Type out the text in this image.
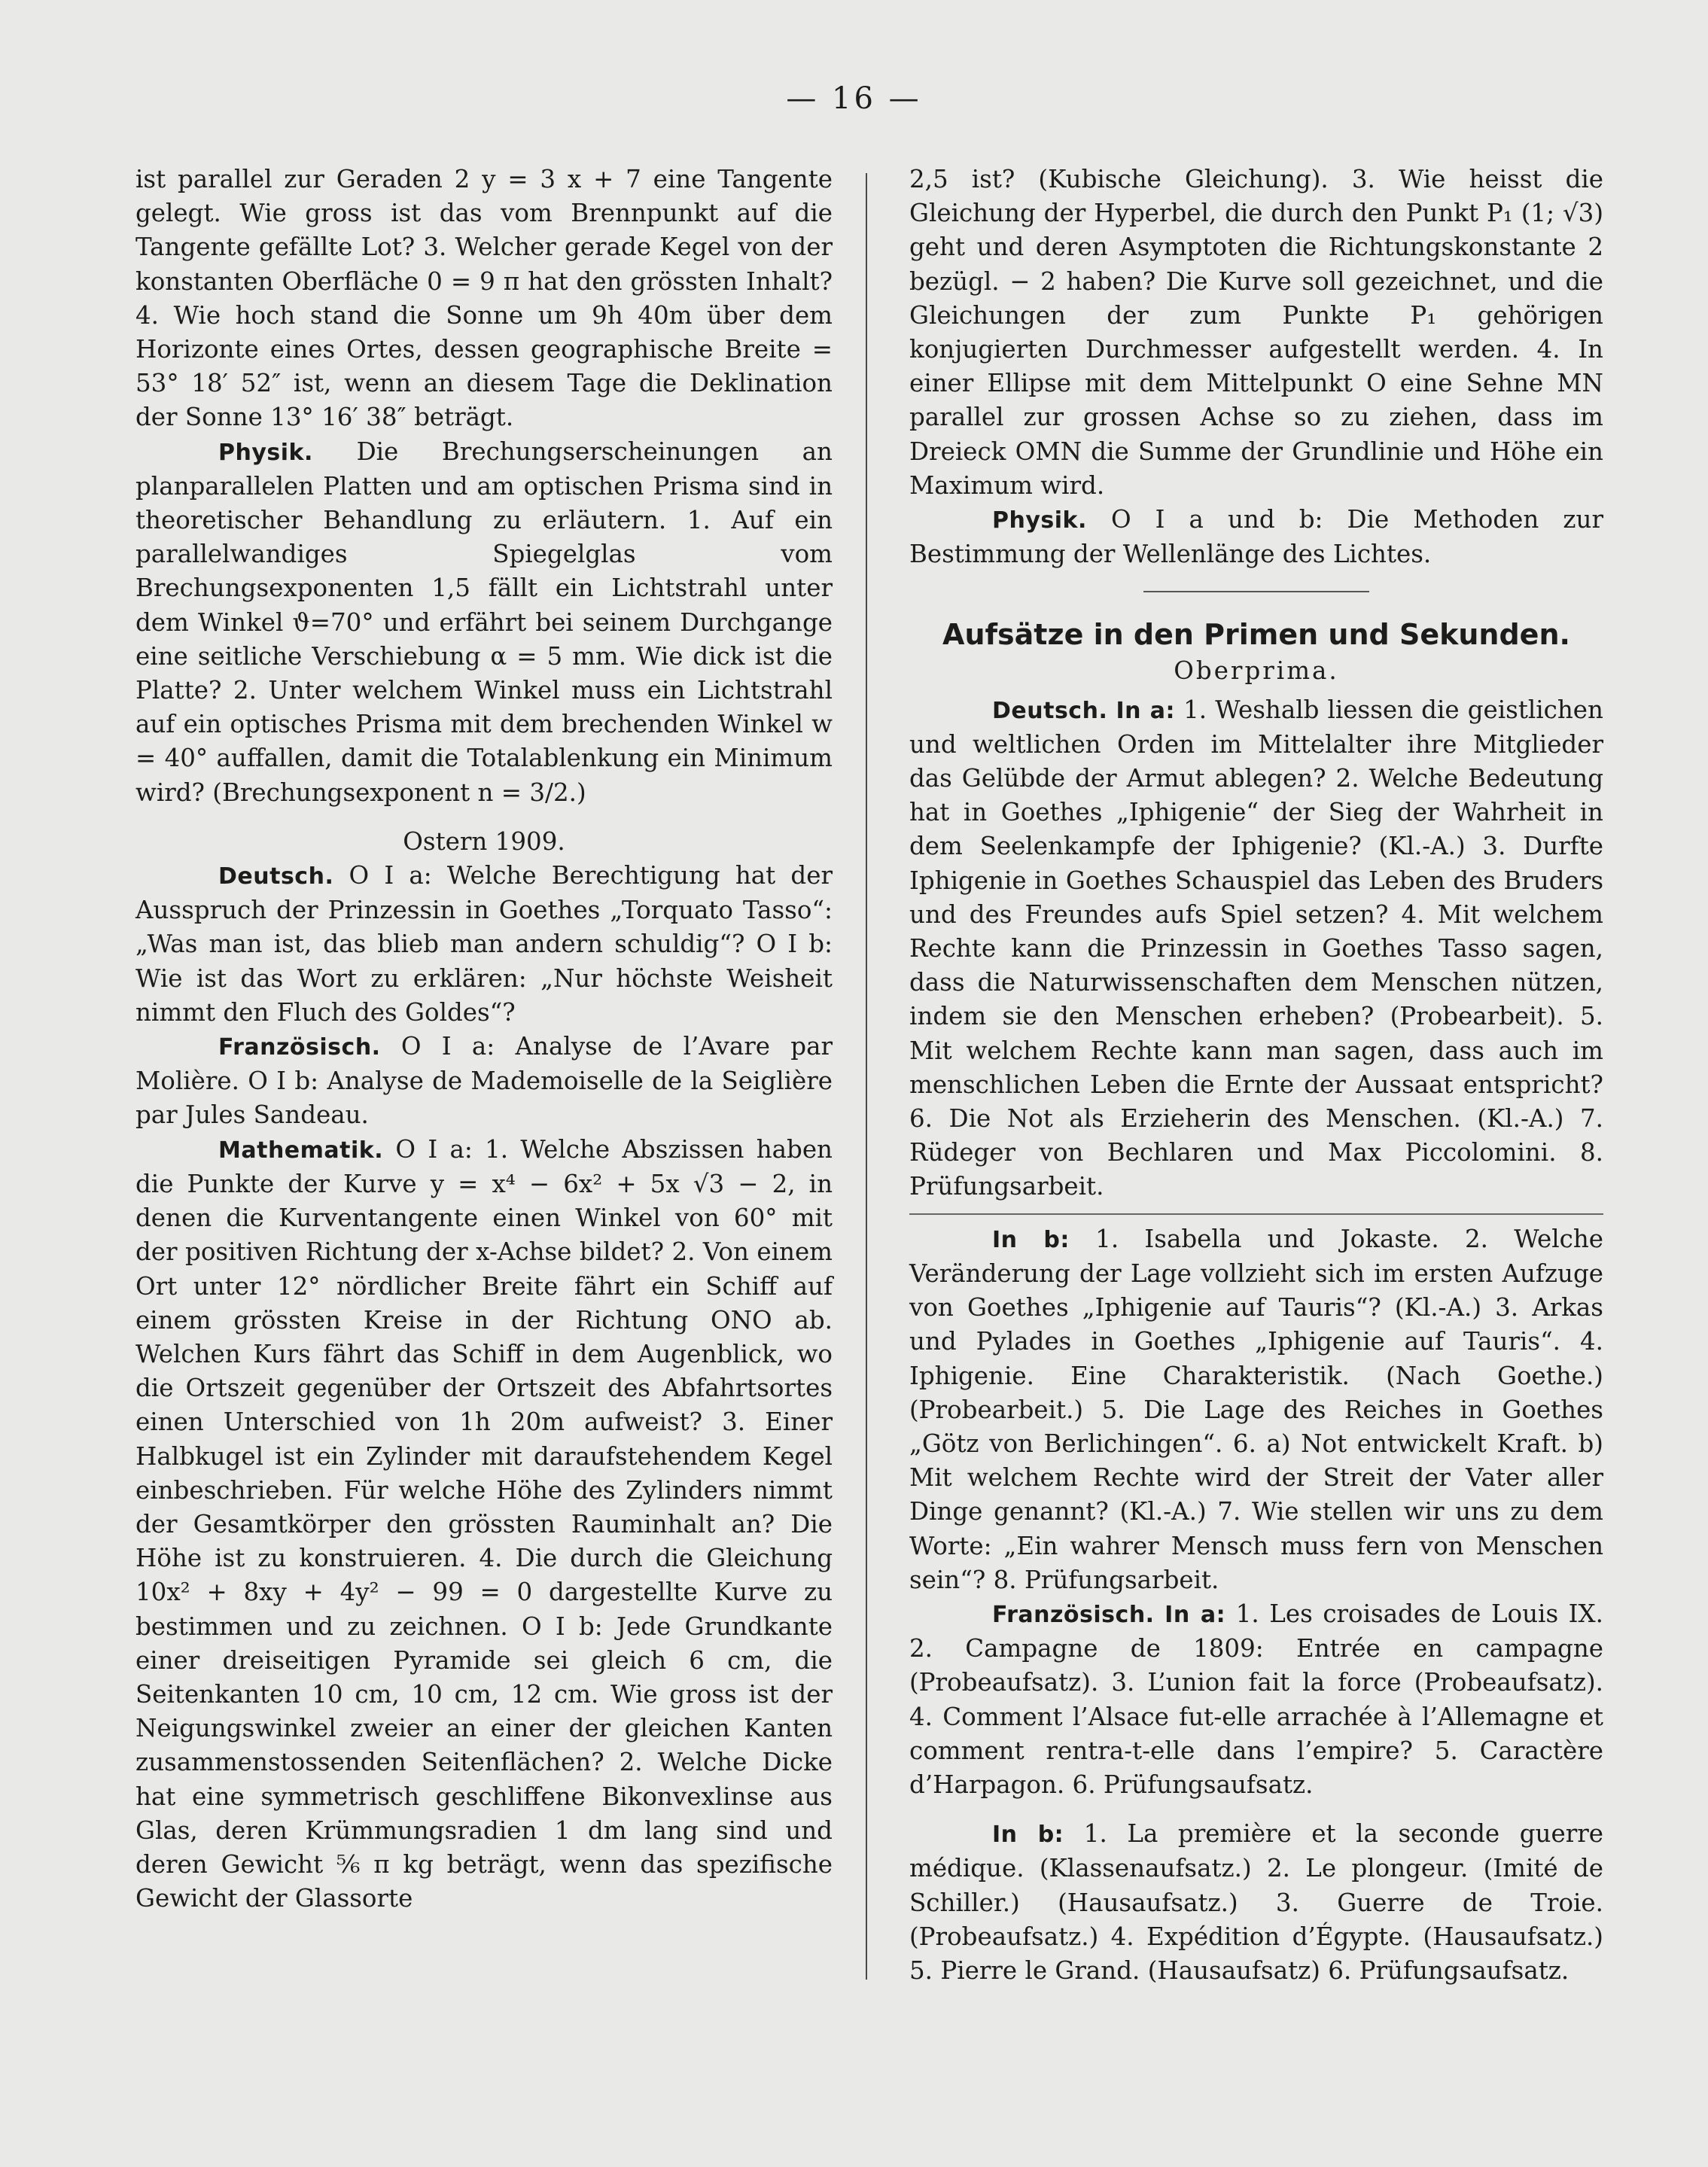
— 16 —

ist parallel zur Geraden 2 y = 3 x + 7 eine Tangente gelegt. Wie gross ist das vom Brennpunkt auf die Tangente gefällte Lot? 3. Welcher gerade Kegel von der konstanten Oberfläche 0 = 9 π hat den grössten Inhalt? 4. Wie hoch stand die Sonne um 9h 40m über dem Horizonte eines Ortes, dessen geographische Breite = 53° 18′ 52″ ist, wenn an diesem Tage die Deklination der Sonne 13° 16′ 38″ beträgt.

Physik. Die Brechungserscheinungen an planparallelen Platten und am optischen Prisma sind in theoretischer Behandlung zu erläutern. 1. Auf ein parallelwandiges Spiegelglas vom Brechungsexponenten 1,5 fällt ein Lichtstrahl unter dem Winkel ϑ=70° und erfährt bei seinem Durchgange eine seitliche Verschiebung α = 5 mm. Wie dick ist die Platte? 2. Unter welchem Winkel muss ein Lichtstrahl auf ein optisches Prisma mit dem brechenden Winkel w = 40° auffallen, damit die Totalablenkung ein Minimum wird? (Brechungsexponent n = 3/2.)

Ostern 1909.

Deutsch. O I a: Welche Berechtigung hat der Ausspruch der Prinzessin in Goethes „Torquato Tasso“: „Was man ist, das blieb man andern schuldig“? O I b: Wie ist das Wort zu erklären: „Nur höchste Weisheit nimmt den Fluch des Goldes“?

Französisch. O I a: Analyse de l’Avare par Molière. O I b: Analyse de Mademoiselle de la Seiglière par Jules Sandeau.

Mathematik. O I a: 1. Welche Abszissen haben die Punkte der Kurve y = x⁴ − 6x² + 5x √3 − 2, in denen die Kurventangente einen Winkel von 60° mit der positiven Richtung der x-Achse bildet? 2. Von einem Ort unter 12° nördlicher Breite fährt ein Schiff auf einem grössten Kreise in der Richtung ONO ab. Welchen Kurs fährt das Schiff in dem Augenblick, wo die Ortszeit gegenüber der Ortszeit des Abfahrtsortes einen Unterschied von 1h 20m aufweist? 3. Einer Halbkugel ist ein Zylinder mit daraufstehendem Kegel einbeschrieben. Für welche Höhe des Zylinders nimmt der Gesamtkörper den grössten Rauminhalt an? Die Höhe ist zu konstruieren. 4. Die durch die Gleichung 10x² + 8xy + 4y² − 99 = 0 dargestellte Kurve zu bestimmen und zu zeichnen. O I b: Jede Grundkante einer dreiseitigen Pyramide sei gleich 6 cm, die Seitenkanten 10 cm, 10 cm, 12 cm. Wie gross ist der Neigungswinkel zweier an einer der gleichen Kanten zusammenstossenden Seitenflächen? 2. Welche Dicke hat eine symmetrisch geschliffene Bikonvexlinse aus Glas, deren Krümmungsradien 1 dm lang sind und deren Gewicht ⁵⁄₆ π kg beträgt, wenn das spezifische Gewicht der Glassorte

2,5 ist? (Kubische Gleichung). 3. Wie heisst die Gleichung der Hyperbel, die durch den Punkt P₁ (1; √3) geht und deren Asymptoten die Richtungskonstante 2 bezügl. − 2 haben? Die Kurve soll gezeichnet, und die Gleichungen der zum Punkte P₁ gehörigen konjugierten Durchmesser aufgestellt werden. 4. In einer Ellipse mit dem Mittelpunkt O eine Sehne MN parallel zur grossen Achse so zu ziehen, dass im Dreieck OMN die Summe der Grundlinie und Höhe ein Maximum wird.

Physik. O I a und b: Die Methoden zur Bestimmung der Wellenlänge des Lichtes.

Aufsätze in den Primen und Sekunden.
Oberprima.

Deutsch. In a: 1. Weshalb liessen die geistlichen und weltlichen Orden im Mittelalter ihre Mitglieder das Gelübde der Armut ablegen? 2. Welche Bedeutung hat in Goethes „Iphigenie“ der Sieg der Wahrheit in dem Seelenkampfe der Iphigenie? (Kl.-A.) 3. Durfte Iphigenie in Goethes Schauspiel das Leben des Bruders und des Freundes aufs Spiel setzen? 4. Mit welchem Rechte kann die Prinzessin in Goethes Tasso sagen, dass die Naturwissenschaften dem Menschen nützen, indem sie den Menschen erheben? (Probearbeit). 5. Mit welchem Rechte kann man sagen, dass auch im menschlichen Leben die Ernte der Aussaat entspricht? 6. Die Not als Erzieherin des Menschen. (Kl.-A.) 7. Rüdeger von Bechlaren und Max Piccolomini. 8. Prüfungsarbeit.

In b: 1. Isabella und Jokaste. 2. Welche Veränderung der Lage vollzieht sich im ersten Aufzuge von Goethes „Iphigenie auf Tauris“? (Kl.-A.) 3. Arkas und Pylades in Goethes „Iphigenie auf Tauris“. 4. Iphigenie. Eine Charakteristik. (Nach Goethe.) (Probearbeit.) 5. Die Lage des Reiches in Goethes „Götz von Berlichingen“. 6. a) Not entwickelt Kraft. b) Mit welchem Rechte wird der Streit der Vater aller Dinge genannt? (Kl.-A.) 7. Wie stellen wir uns zu dem Worte: „Ein wahrer Mensch muss fern von Menschen sein“? 8. Prüfungsarbeit.

Französisch. In a: 1. Les croisades de Louis IX. 2. Campagne de 1809: Entrée en campagne (Probeaufsatz). 3. L’union fait la force (Probeaufsatz). 4. Comment l’Alsace fut-elle arrachée à l’Allemagne et comment rentra-t-elle dans l’empire? 5. Caractère d’Harpagon. 6. Prüfungsaufsatz.

In b: 1. La première et la seconde guerre médique. (Klassenaufsatz.) 2. Le plongeur. (Imité de Schiller.) (Hausaufsatz.) 3. Guerre de Troie. (Probeaufsatz.) 4. Expédition d’Égypte. (Hausaufsatz.) 5. Pierre le Grand. (Hausaufsatz) 6. Prüfungsaufsatz.
